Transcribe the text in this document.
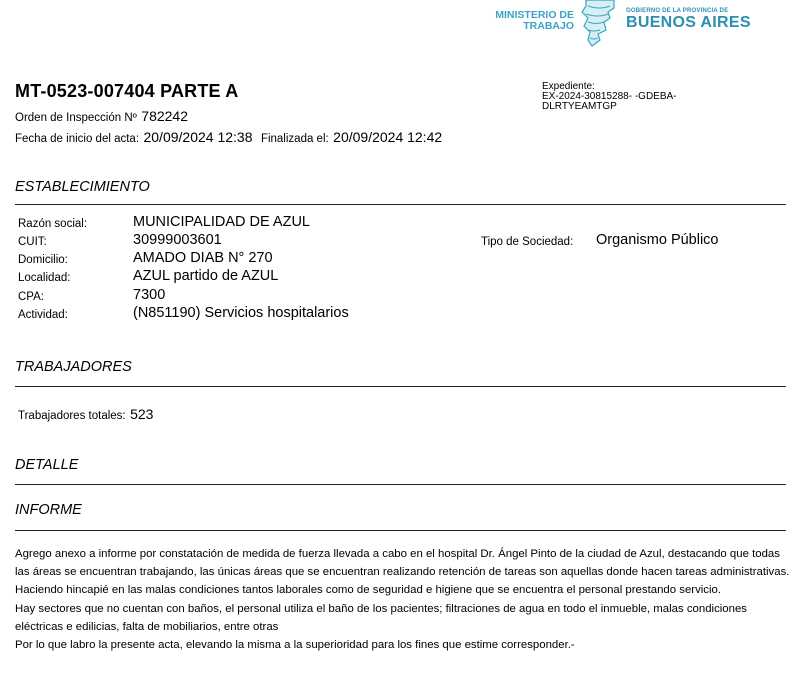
MINISTERIO DE
TRABAJO
GOBIERNO DE LA PROVINCIA DE
BUENOS AIRES
MT-0523-007404 PARTE A
Orden de Inspección Nº 782242
Fecha de inicio del acta: 20/09/2024 12:38 Finalizada el: 20/09/2024 12:42
Expediente:
EX-2024-30815288- -GDEBA-
DLRTYEAMTGP
ESTABLECIMIENTO
Razón social:	MUNICIPALIDAD DE AZUL
CUIT:	30999003601	Tipo de Sociedad: Organismo Público
Domicilio:	AMADO DIAB N° 270
Localidad:	AZUL partido de AZUL
CPA:	7300
Actividad:	(N851190) Servicios hospitalarios
TRABAJADORES
Trabajadores totales: 523
DETALLE
INFORME

Agrego anexo a informe por constatación de medida de fuerza llevada a cabo en el hospital Dr. Ángel Pinto de la ciudad de Azul, destacando que todas las áreas se encuentran trabajando, las únicas áreas que se encuentran realizando retención de tareas son aquellas donde hacen tareas administrativas. Haciendo hincapié en las malas condiciones tantos laborales como de seguridad e higiene que se encuentra el personal prestando servicio.

Hay sectores que no cuentan con baños, el personal utiliza el baño de los pacientes; filtraciones de agua en todo el inmueble, malas condiciones eléctricas e edilicias, falta de mobiliarios, entre otras

Por lo que labro la presente acta, elevando la misma a la superioridad para los fines que estime corresponder.-
